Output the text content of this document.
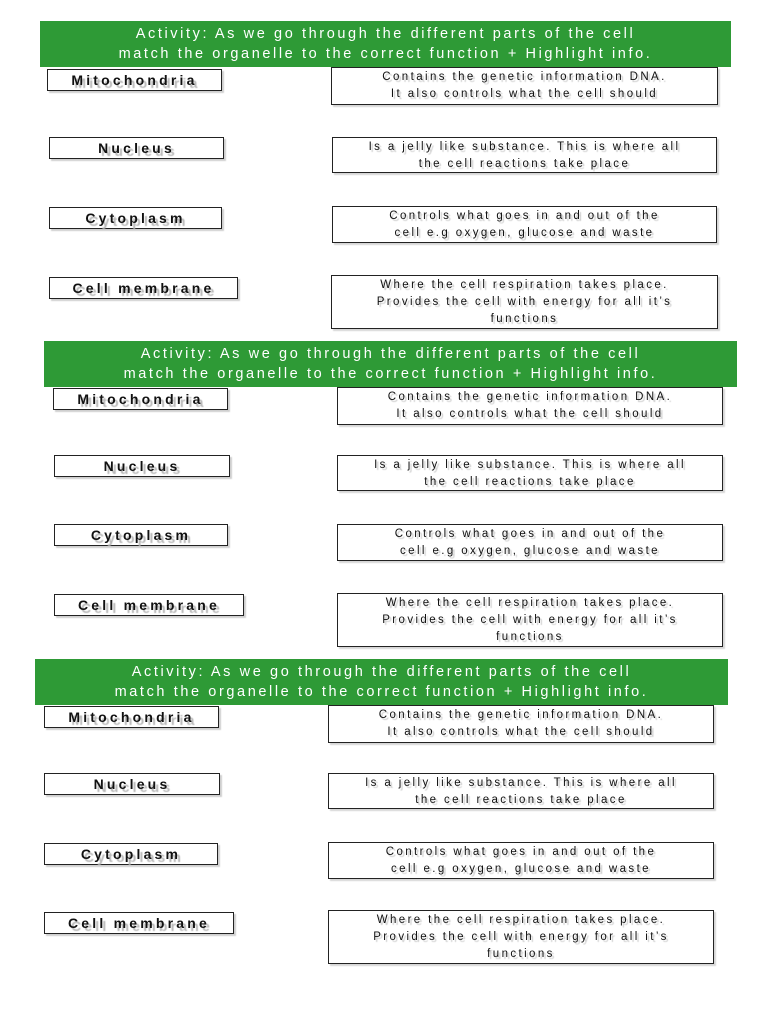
Activity: As we go through the different parts of the cell
match the organelle to the correct function + Highlight info.
Mitochondria
Nucleus
Cytoplasm
Cell membrane
Contains the genetic information DNA.
It also controls what the cell should
Is a jelly like substance. This is where all
the cell reactions take place
Controls what goes in and out of the
cell e.g oxygen, glucose and waste
Where the cell respiration takes place.
Provides the cell with energy for all it’s
functions
Activity: As we go through the different parts of the cell
match the organelle to the correct function + Highlight info.
Mitochondria
Nucleus
Cytoplasm
Cell membrane
Contains the genetic information DNA.
It also controls what the cell should
Is a jelly like substance. This is where all
the cell reactions take place
Controls what goes in and out of the
cell e.g oxygen, glucose and waste
Where the cell respiration takes place.
Provides the cell with energy for all it’s
functions
Activity: As we go through the different parts of the cell
match the organelle to the correct function + Highlight info.
Mitochondria
Nucleus
Cytoplasm
Cell membrane
Contains the genetic information DNA.
It also controls what the cell should
Is a jelly like substance. This is where all
the cell reactions take place
Controls what goes in and out of the
cell e.g oxygen, glucose and waste
Where the cell respiration takes place.
Provides the cell with energy for all it’s
functions
